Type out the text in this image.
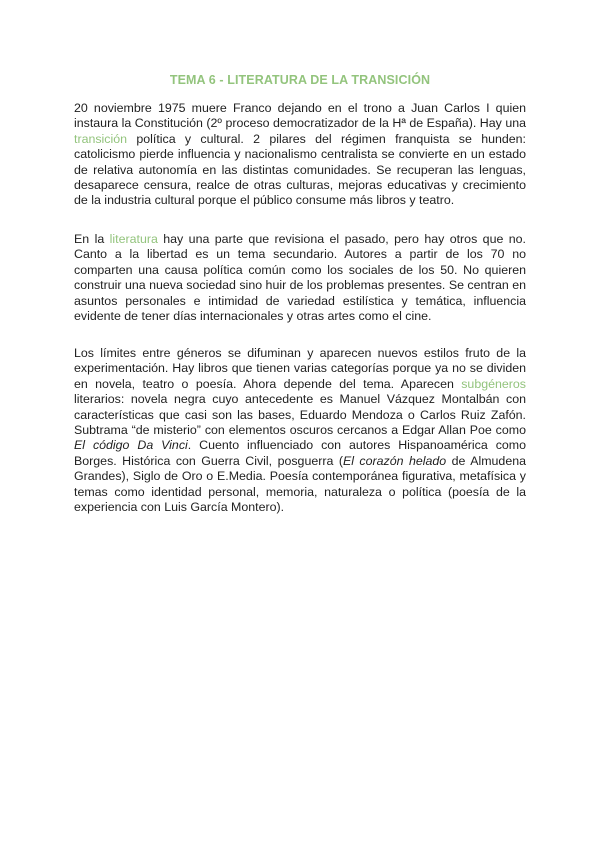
TEMA 6 - LITERATURA DE LA TRANSICIÓN
20 noviembre 1975 muere Franco dejando en el trono a Juan Carlos I quien instaura la Constitución (2º proceso democratizador de la Hª de España). Hay una transición política y cultural. 2 pilares del régimen franquista se hunden: catolicismo pierde influencia y nacionalismo centralista se convierte en un estado de relativa autonomía en las distintas comunidades. Se recuperan las lenguas, desaparece censura, realce de otras culturas, mejoras educativas y crecimiento de la industria cultural porque el público consume más libros y teatro.
En la literatura hay una parte que revisiona el pasado, pero hay otros que no. Canto a la libertad es un tema secundario. Autores a partir de los 70 no comparten una causa política común como los sociales de los 50. No quieren construir una nueva sociedad sino huir de los problemas presentes. Se centran en asuntos personales e intimidad de variedad estilística y temática, influencia evidente de tener días internacionales y otras artes como el cine.
Los límites entre géneros se difuminan y aparecen nuevos estilos fruto de la experimentación. Hay libros que tienen varias categorías porque ya no se dividen en novela, teatro o poesía. Ahora depende del tema. Aparecen subgéneros literarios: novela negra cuyo antecedente es Manuel Vázquez Montalbán con características que casi son las bases, Eduardo Mendoza o Carlos Ruiz Zafón. Subtrama “de misterio” con elementos oscuros cercanos a Edgar Allan Poe como El código Da Vinci. Cuento influenciado con autores Hispanoamérica como Borges. Histórica con Guerra Civil, posguerra (El corazón helado de Almudena Grandes), Siglo de Oro o E.Media. Poesía contemporánea figurativa, metafísica y temas como identidad personal, memoria, naturaleza o política (poesía de la experiencia con Luis García Montero).
